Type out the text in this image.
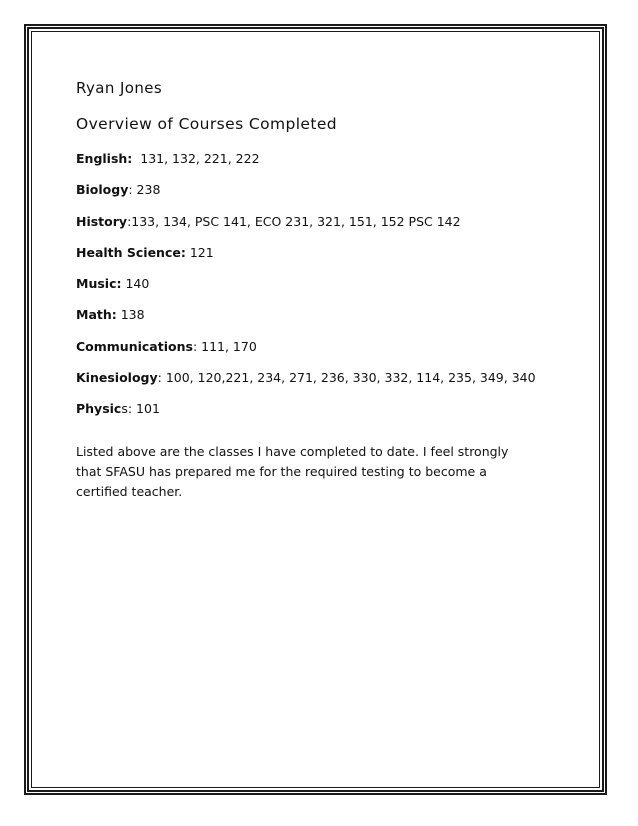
Ryan Jones
Overview of Courses Completed
English:  131, 132, 221, 222
Biology: 238
History:133, 134, PSC 141, ECO 231, 321, 151, 152 PSC 142
Health Science: 121
Music: 140
Math: 138
Communications: 111, 170
Kinesiology: 100, 120,221, 234, 271, 236, 330, 332, 114, 235, 349, 340
Physics: 101
Listed above are the classes I have completed to date. I feel strongly that SFASU has prepared me for the required testing to become a certified teacher.
